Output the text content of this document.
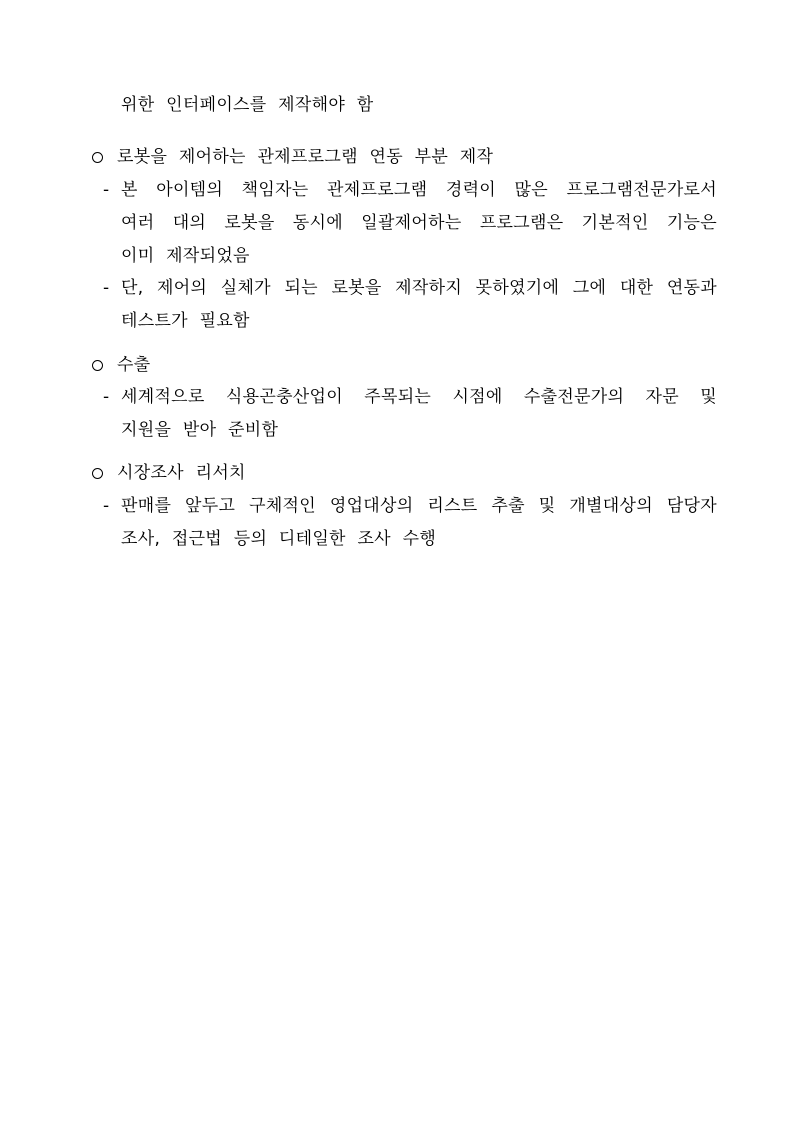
위한 인터페이스를 제작해야 함
로봇을 제어하는 관제프로그램 연동 부분 제작
- 본 아이템의 책임자는 관제프로그램 경력이 많은 프로그램전문가로서
여러 대의 로봇을 동시에 일괄제어하는 프로그램은 기본적인 기능은
이미 제작되었음
- 단, 제어의 실체가 되는 로봇을 제작하지 못하였기에 그에 대한 연동과
테스트가 필요함
수출
- 세계적으로 식용곤충산업이 주목되는 시점에 수출전문가의 자문 및
지원을 받아 준비함
시장조사 리서치
- 판매를 앞두고 구체적인 영업대상의 리스트 추출 및 개별대상의 담당자
조사, 접근법 등의 디테일한 조사 수행
